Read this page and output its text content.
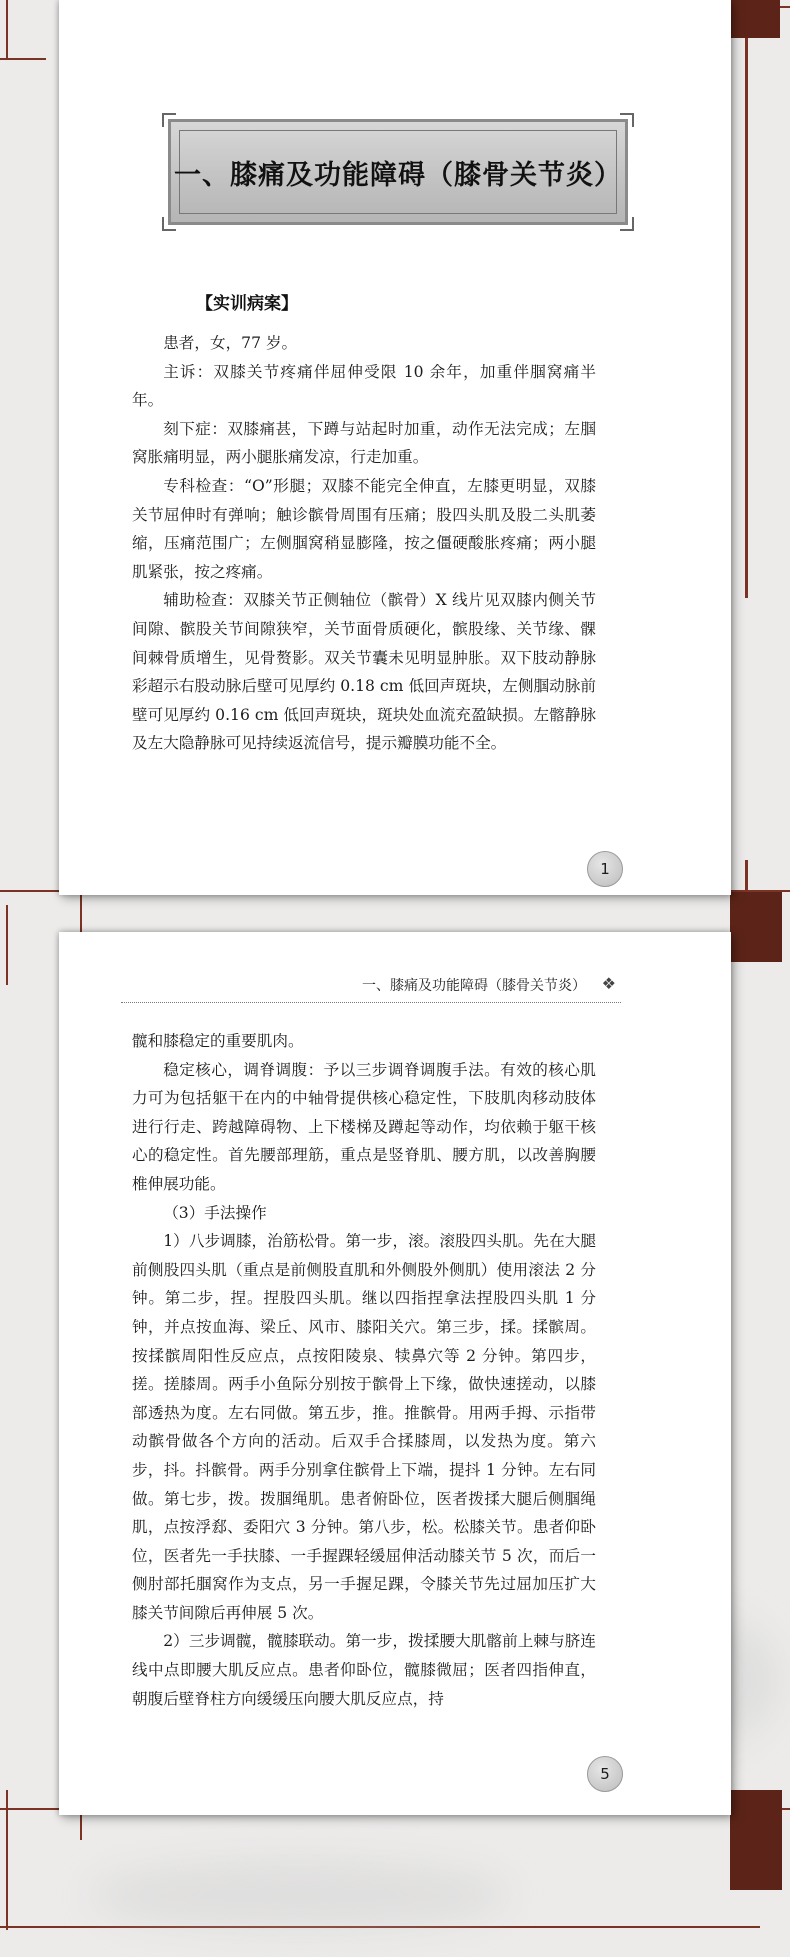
一、膝痛及功能障碍（膝骨关节炎）
【实训病案】

患者，女，77 岁。

主诉：双膝关节疼痛伴屈伸受限 10 余年，加重伴腘窝痛半年。

刻下症：双膝痛甚，下蹲与站起时加重，动作无法完成；左腘窝胀痛明显，两小腿胀痛发凉，行走加重。

专科检查：“O”形腿；双膝不能完全伸直，左膝更明显，双膝关节屈伸时有弹响；触诊髌骨周围有压痛；股四头肌及股二头肌萎缩，压痛范围广；左侧腘窝稍显膨隆，按之僵硬酸胀疼痛；两小腿肌紧张，按之疼痛。

辅助检查：双膝关节正侧轴位（髌骨）X 线片见双膝内侧关节间隙、髌股关节间隙狭窄，关节面骨质硬化，髌股缘、关节缘、髁间棘骨质增生，见骨赘影。双关节囊未见明显肿胀。双下肢动静脉彩超示右股动脉后壁可见厚约 0.18 cm 低回声斑块，左侧腘动脉前壁可见厚约 0.16 cm 低回声斑块，斑块处血流充盈缺损。左髂静脉及左大隐静脉可见持续返流信号，提示瓣膜功能不全。

1
一、膝痛及功能障碍（膝骨关节炎） ❖

髋和膝稳定的重要肌肉。

稳定核心，调脊调腹：予以三步调脊调腹手法。有效的核心肌力可为包括躯干在内的中轴骨提供核心稳定性，下肢肌肉移动肢体进行行走、跨越障碍物、上下楼梯及蹲起等动作，均依赖于躯干核心的稳定性。首先腰部理筋，重点是竖脊肌、腰方肌，以改善胸腰椎伸展功能。

（3）手法操作

1）八步调膝，治筋松骨。第一步，滚。滚股四头肌。先在大腿前侧股四头肌（重点是前侧股直肌和外侧股外侧肌）使用滚法 2 分钟。第二步，捏。捏股四头肌。继以四指捏拿法捏股四头肌 1 分钟，并点按血海、梁丘、风市、膝阳关穴。第三步，揉。揉髌周。按揉髌周阳性反应点，点按阳陵泉、犊鼻穴等 2 分钟。第四步，搓。搓膝周。两手小鱼际分别按于髌骨上下缘，做快速搓动，以膝部透热为度。左右同做。第五步，推。推髌骨。用两手拇、示指带动髌骨做各个方向的活动。后双手合揉膝周，以发热为度。第六步，抖。抖髌骨。两手分别拿住髌骨上下端，提抖 1 分钟。左右同做。第七步，拨。拨腘绳肌。患者俯卧位，医者拨揉大腿后侧腘绳肌，点按浮郄、委阳穴 3 分钟。第八步，松。松膝关节。患者仰卧位，医者先一手扶膝、一手握踝轻缓屈伸活动膝关节 5 次，而后一侧肘部托腘窝作为支点，另一手握足踝，令膝关节先过屈加压扩大膝关节间隙后再伸展 5 次。

2）三步调髋，髋膝联动。第一步，拨揉腰大肌髂前上棘与脐连线中点即腰大肌反应点。患者仰卧位，髋膝微屈；医者四指伸直，朝腹后壁脊柱方向缓缓压向腰大肌反应点，持

5
